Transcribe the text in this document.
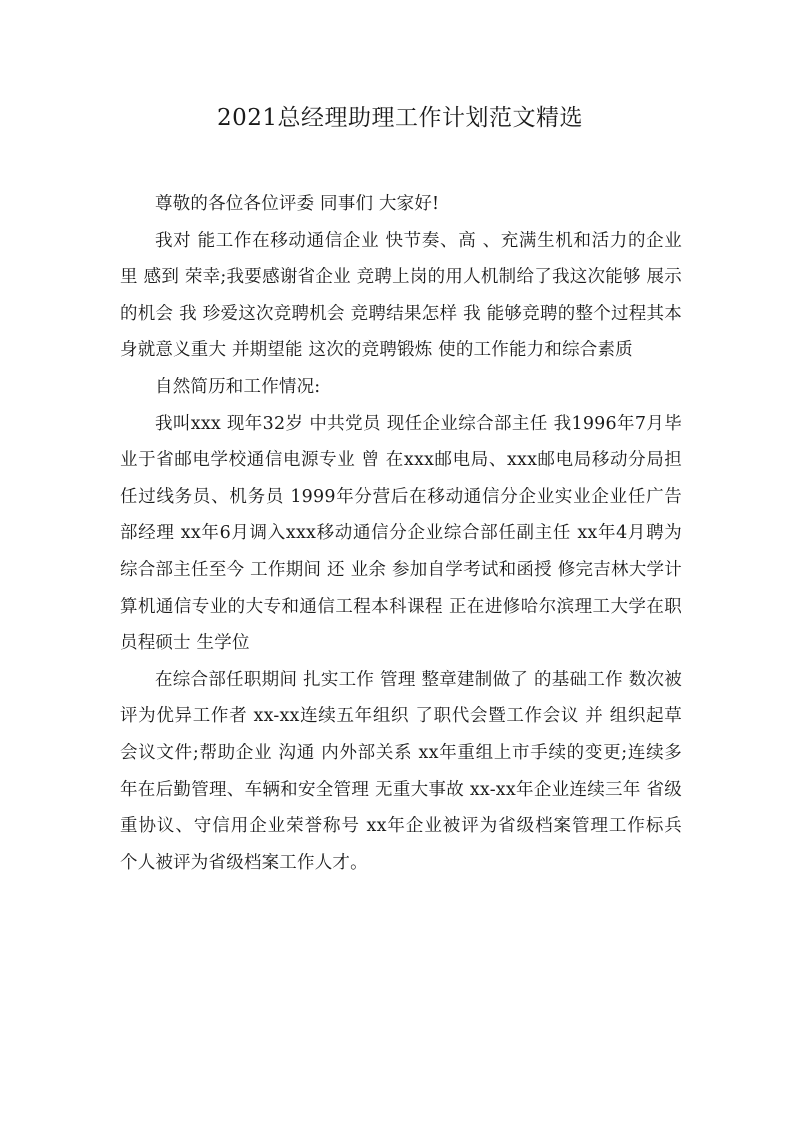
2021总经理助理工作计划范文精选

尊敬的各位各位评委 同事们 大家好!

我对 能工作在移动通信企业 快节奏、高 、充满生机和活力的企业里 感到 荣幸;我要感谢省企业 竞聘上岗的用人机制给了我这次能够 展示的机会 我 珍爱这次竞聘机会 竞聘结果怎样 我 能够竞聘的整个过程其本身就意义重大 并期望能 这次的竞聘锻炼 使的工作能力和综合素质

自然简历和工作情况:

我叫xxx 现年32岁 中共党员 现任企业综合部主任 我1996年7月毕业于省邮电学校通信电源专业 曾 在xxx邮电局、xxx邮电局移动分局担任过线务员、机务员 1999年分营后在移动通信分企业实业企业任广告部经理 xx年6月调入xxx移动通信分企业综合部任副主任 xx年4月聘为综合部主任至今 工作期间 还 业余 参加自学考试和函授 修完吉林大学计算机通信专业的大专和通信工程本科课程 正在进修哈尔滨理工大学在职员程硕士 生学位

在综合部任职期间 扎实工作 管理 整章建制做了 的基础工作 数次被评为优异工作者 xx-xx连续五年组织 了职代会暨工作会议 并 组织起草会议文件;帮助企业 沟通 内外部关系 xx年重组上市手续的变更;连续多年在后勤管理、车辆和安全管理 无重大事故 xx-xx年企业连续三年 省级重协议、守信用企业荣誉称号 xx年企业被评为省级档案管理工作标兵 个人被评为省级档案工作人才。
